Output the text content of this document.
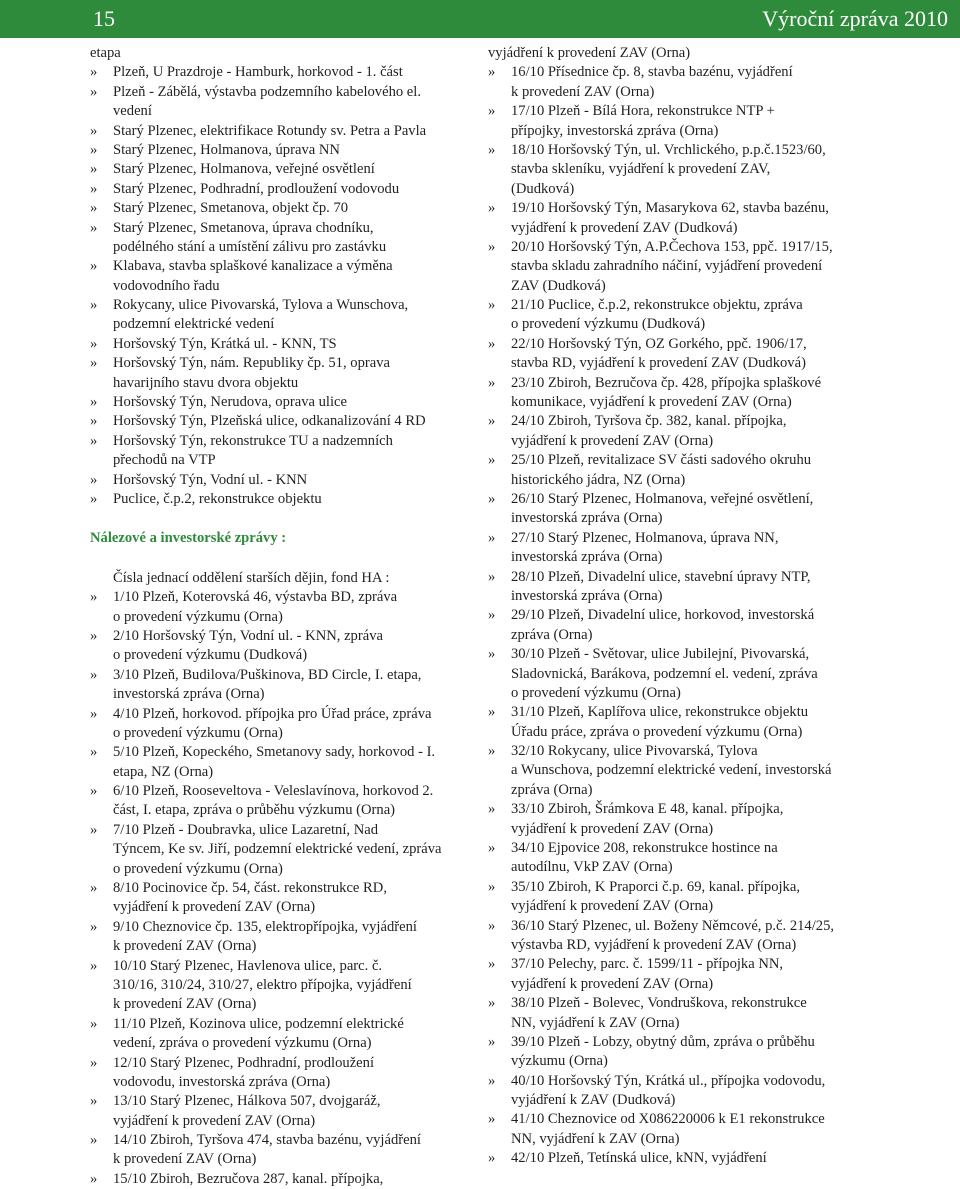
15	Výroční zpráva 2010
etapa
» Plzeň, U Prazdroje - Hamburk, horkovod - 1. část
» Plzeň - Zábělá, výstavba podzemního kabelového el.
vedení
» Starý Plzenec, elektrifikace Rotundy sv. Petra a Pavla
» Starý Plzenec, Holmanova, úprava NN
» Starý Plzenec, Holmanova, veřejné osvětlení
» Starý Plzenec, Podhradní, prodloužení vodovodu
» Starý Plzenec, Smetanova, objekt čp. 70
» Starý Plzenec, Smetanova, úprava chodníku,
podélného stání a umístění zálivu pro zastávku
» Klabava, stavba splaškové kanalizace a výměna
vodovodního řadu
» Rokycany, ulice Pivovarská, Tylova a Wunschova,
podzemní elektrické vedení
» Horšovský Týn, Krátká ul. - KNN, TS
» Horšovský Týn, nám. Republiky čp. 51, oprava
havarijního stavu dvora objektu
» Horšovský Týn, Nerudova, oprava ulice
» Horšovský Týn, Plzeňská ulice, odkanalizování 4 RD
» Horšovský Týn, rekonstrukce TU a nadzemních
přechodů na VTP
» Horšovský Týn, Vodní ul. - KNN
» Puclice, č.p.2, rekonstrukce objektu
Nálezové a investorské zprávy :
Čísla jednací oddělení starších dějin, fond HA :
» 1/10 Plzeň, Koterovská 46, výstavba BD, zpráva
o provedení výzkumu (Orna)
» 2/10 Horšovský Týn, Vodní ul. - KNN, zpráva
o provedení výzkumu (Dudková)
» 3/10 Plzeň, Budilova/Puškinova, BD Circle, I. etapa,
investorská zpráva (Orna)
» 4/10 Plzeň, horkovod. přípojka pro Úřad práce, zpráva
o provedení výzkumu (Orna)
» 5/10 Plzeň, Kopeckého, Smetanovy sady, horkovod - I.
etapa, NZ (Orna)
» 6/10 Plzeň, Rooseveltova - Veleslavínova, horkovod 2.
část, I. etapa, zpráva o průběhu výzkumu (Orna)
» 7/10 Plzeň - Doubravka, ulice Lazaretní, Nad
Týncem, Ke sv. Jiří, podzemní elektrické vedení, zpráva
o provedení výzkumu (Orna)
» 8/10 Pocinovice čp. 54, část. rekonstrukce RD,
vyjádření k provedení ZAV (Orna)
» 9/10 Cheznovice čp. 135, elektropřípojka, vyjádření
k provedení ZAV (Orna)
» 10/10 Starý Plzenec, Havlenova ulice, parc. č.
310/16, 310/24, 310/27, elektro přípojka, vyjádření
k provedení ZAV (Orna)
» 11/10 Plzeň, Kozinova ulice, podzemní elektrické
vedení, zpráva o provedení výzkumu (Orna)
» 12/10 Starý Plzenec, Podhradní, prodloužení
vodovodu, investorská zpráva (Orna)
» 13/10 Starý Plzenec, Hálkova 507, dvojgaráž,
vyjádření k provedení ZAV (Orna)
» 14/10 Zbiroh, Tyršova 474, stavba bazénu, vyjádření
k provedení ZAV (Orna)
» 15/10 Zbiroh, Bezručova 287, kanal. přípojka,
vyjádření k provedení ZAV (Orna)
» 16/10 Přísednice čp. 8, stavba bazénu, vyjádření
k provedení ZAV (Orna)
» 17/10 Plzeň - Bílá Hora, rekonstrukce NTP +
přípojky, investorská zpráva (Orna)
» 18/10 Horšovský Týn, ul. Vrchlického, p.p.č.1523/60,
stavba skleníku, vyjádření k provedení ZAV,
(Dudková)
» 19/10 Horšovský Týn, Masarykova 62, stavba bazénu,
vyjádření k provedení ZAV (Dudková)
» 20/10 Horšovský Týn, A.P.Čechova 153, ppč. 1917/15,
stavba skladu zahradního náčiní, vyjádření provedení
ZAV (Dudková)
» 21/10 Puclice, č.p.2, rekonstrukce objektu, zpráva
o provedení výzkumu (Dudková)
» 22/10 Horšovský Týn, OZ Gorkého, ppč. 1906/17,
stavba RD, vyjádření k provedení ZAV (Dudková)
» 23/10 Zbiroh, Bezručova čp. 428, přípojka splaškové
komunikace, vyjádření k provedení ZAV (Orna)
» 24/10 Zbiroh, Tyršova čp. 382, kanal. přípojka,
vyjádření k provedení ZAV (Orna)
» 25/10 Plzeň, revitalizace SV části sadového okruhu
historického jádra, NZ (Orna)
» 26/10 Starý Plzenec, Holmanova, veřejné osvětlení,
investorská zpráva (Orna)
» 27/10 Starý Plzenec, Holmanova, úprava NN,
investorská zpráva (Orna)
» 28/10 Plzeň, Divadelní ulice, stavební úpravy NTP,
investorská zpráva (Orna)
» 29/10 Plzeň, Divadelní ulice, horkovod, investorská
zpráva (Orna)
» 30/10 Plzeň - Světovar, ulice Jubilejní, Pivovarská,
Sladovnická, Barákova, podzemní el. vedení, zpráva
o provedení výzkumu (Orna)
» 31/10 Plzeň, Kaplířova ulice, rekonstrukce objektu
Úřadu práce, zpráva o provedení výzkumu (Orna)
» 32/10 Rokycany, ulice Pivovarská, Tylova
a Wunschova, podzemní elektrické vedení, investorská
zpráva (Orna)
» 33/10 Zbiroh, Šrámkova E 48, kanal. přípojka,
vyjádření k provedení ZAV (Orna)
» 34/10 Ejpovice 208, rekonstrukce hostince na
autodílnu, VkP ZAV (Orna)
» 35/10 Zbiroh, K Praporci č.p. 69, kanal. přípojka,
vyjádření k provedení ZAV (Orna)
» 36/10 Starý Plzenec, ul. Boženy Němcové, p.č. 214/25,
výstavba RD, vyjádření k provedení ZAV (Orna)
» 37/10 Pelechy, parc. č. 1599/11 - přípojka NN,
vyjádření k provedení ZAV (Orna)
» 38/10 Plzeň - Bolevec, Vondruškova, rekonstrukce
NN, vyjádření k ZAV (Orna)
» 39/10 Plzeň - Lobzy, obytný dům, zpráva o průběhu
výzkumu (Orna)
» 40/10 Horšovský Týn, Krátká ul., přípojka vodovodu,
vyjádření k ZAV (Dudková)
» 41/10 Cheznovice od X086220006 k E1 rekonstrukce
NN, vyjádření k ZAV (Orna)
» 42/10 Plzeň, Tetínská ulice, kNN, vyjádření
